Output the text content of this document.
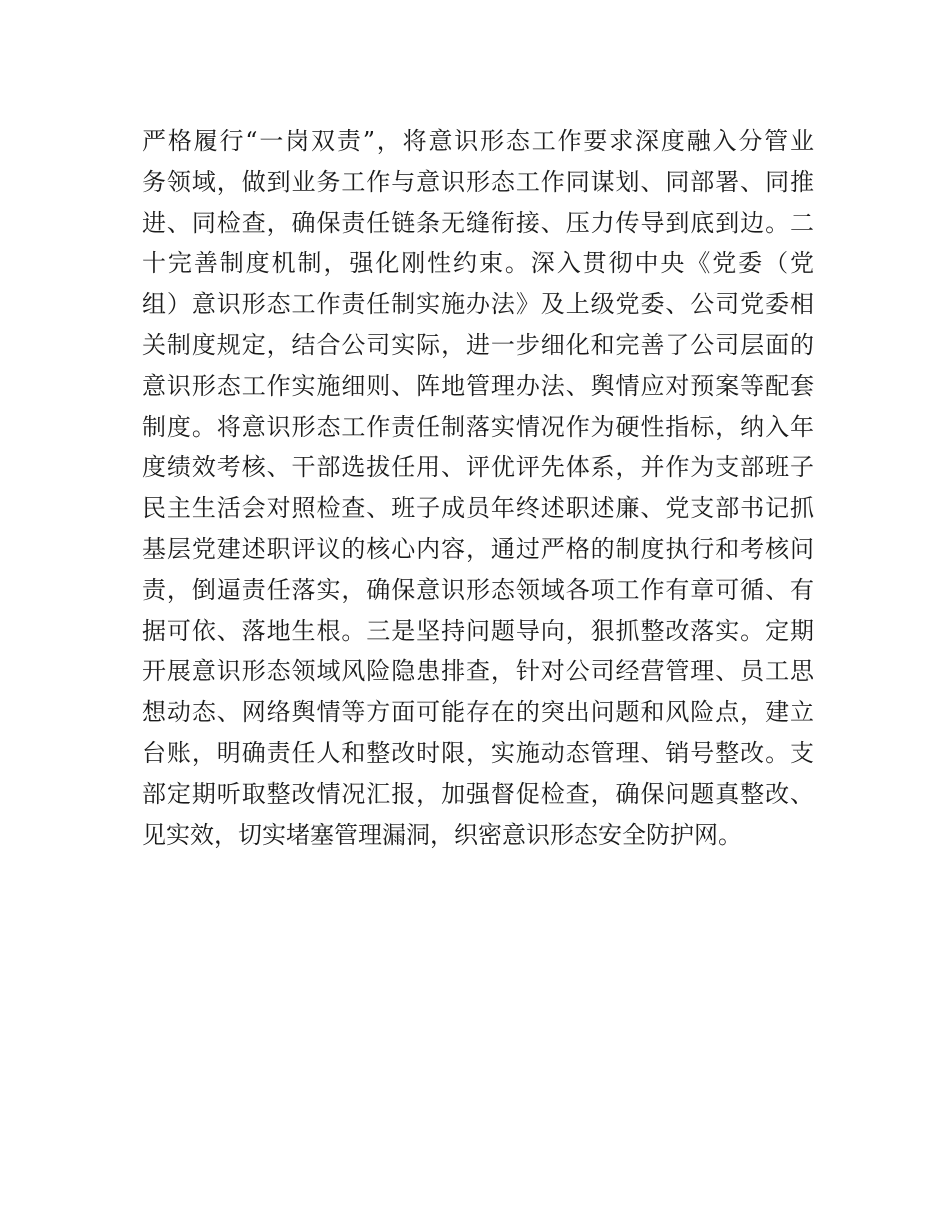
严格履行“一岗双责”，将意识形态工作要求深度融入分管业
务领域，做到业务工作与意识形态工作同谋划、同部署、同推
进、同检查，确保责任链条无缝衔接、压力传导到底到边。二
十完善制度机制，强化刚性约束。深入贯彻中央《党委（党
组）意识形态工作责任制实施办法》及上级党委、公司党委相
关制度规定，结合公司实际，进一步细化和完善了公司层面的
意识形态工作实施细则、阵地管理办法、舆情应对预案等配套
制度。将意识形态工作责任制落实情况作为硬性指标，纳入年
度绩效考核、干部选拔任用、评优评先体系，并作为支部班子
民主生活会对照检查、班子成员年终述职述廉、党支部书记抓
基层党建述职评议的核心内容，通过严格的制度执行和考核问
责，倒逼责任落实，确保意识形态领域各项工作有章可循、有
据可依、落地生根。三是坚持问题导向，狠抓整改落实。定期
开展意识形态领域风险隐患排查，针对公司经营管理、员工思
想动态、网络舆情等方面可能存在的突出问题和风险点，建立
台账，明确责任人和整改时限，实施动态管理、销号整改。支
部定期听取整改情况汇报，加强督促检查，确保问题真整改、
见实效，切实堵塞管理漏洞，织密意识形态安全防护网。
